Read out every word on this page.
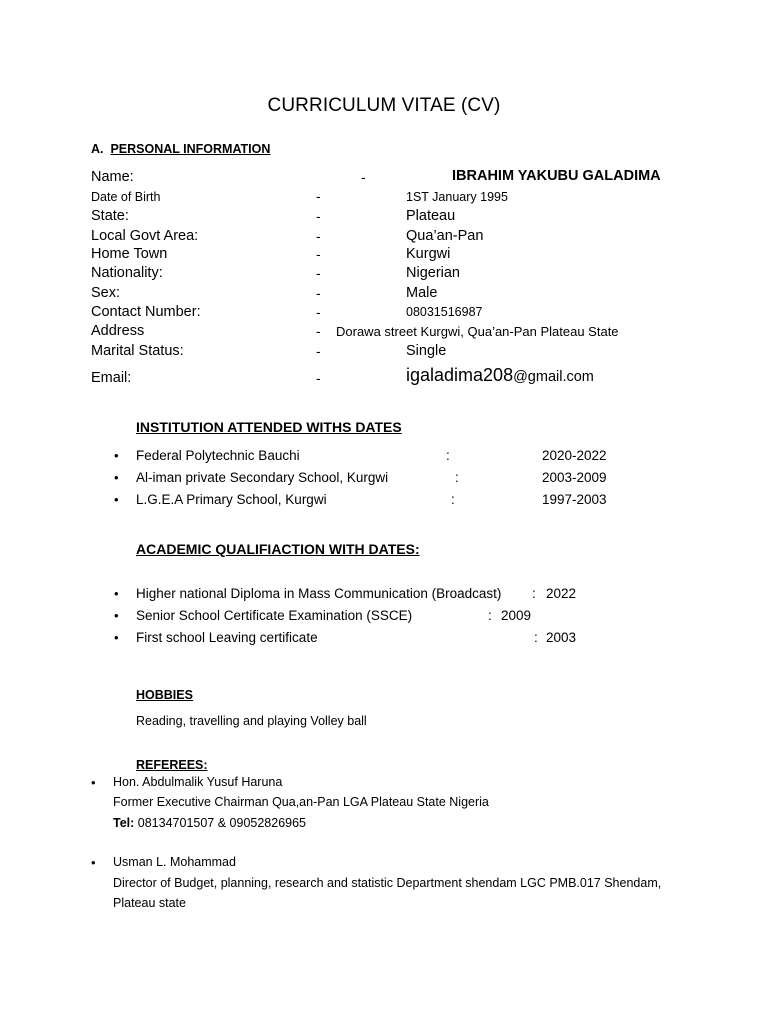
CURRICULUM VITAE (CV)
A. PERSONAL INFORMATION
Name:	-	IBRAHIM YAKUBU GALADIMA
Date of Birth	-	1ST January 1995
State:	-	Plateau
Local Govt Area:	-	Qua’an-Pan
Home Town	-	Kurgwi
Nationality:	-	Nigerian
Sex:	-	Male
Contact Number:	-	08031516987
Address	- Dorawa street Kurgwi, Qua’an-Pan Plateau State
Marital Status:	-	Single
Email:	-	igaladima208@gmail.com
INSTITUTION ATTENDED WITHS DATES
• Federal Polytechnic Bauchi	:	2020-2022
• Al-iman private Secondary School, Kurgwi	:	2003-2009
• L.G.E.A Primary School, Kurgwi	:	1997-2003
ACADEMIC QUALIFIACTION WITH DATES:
• Higher national Diploma in Mass Communication (Broadcast) : 2022
• Senior School Certificate Examination (SSCE)	: 2009
• First school Leaving certificate	: 2003
HOBBIES
Reading, travelling and playing Volley ball
REFEREES:
• Hon. Abdulmalik Yusuf Haruna
Former Executive Chairman Qua,an-Pan LGA Plateau State Nigeria
Tel: 08134701507 & 09052826965
• Usman L. Mohammad
Director of Budget, planning, research and statistic Department shendam LGC PMB.017 Shendam,
Plateau state
